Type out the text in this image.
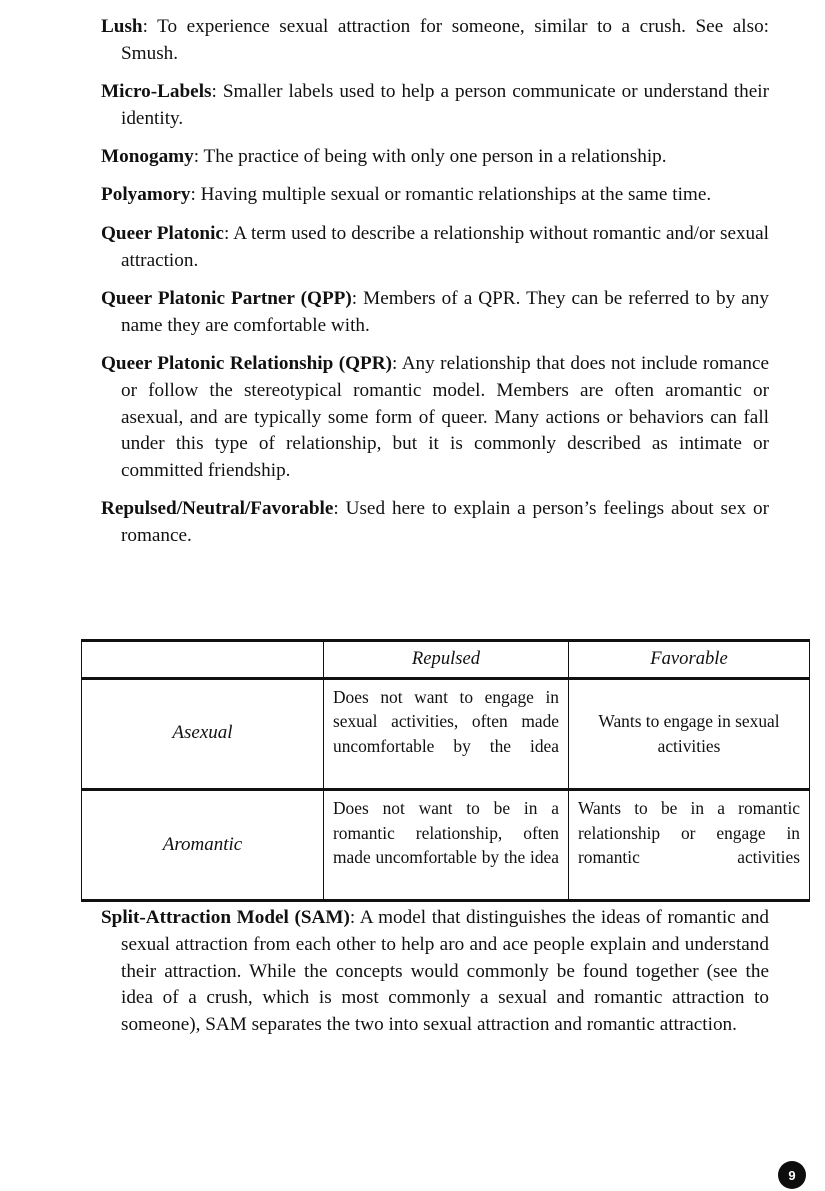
Lush: To experience sexual attraction for someone, similar to a crush. See also: Smush.

Micro-Labels: Smaller labels used to help a person communicate or understand their identity.

Monogamy: The practice of being with only one person in a relationship.

Polyamory: Having multiple sexual or romantic relationships at the same time.

Queer Platonic: A term used to describe a relationship without romantic and/or sexual attraction.

Queer Platonic Partner (QPP): Members of a QPR. They can be referred to by any name they are comfortable with.

Queer Platonic Relationship (QPR): Any relationship that does not include romance or follow the stereotypical romantic model. Members are often aromantic or asexual, and are typically some form of queer. Many actions or behaviors can fall under this type of relationship, but it is commonly described as intimate or committed friendship.

Repulsed/Neutral/Favorable: Used here to explain a person’s feelings about sex or romance.

	Repulsed	Favorable
Asexual	Does not want to engage in sexual activities, often made uncomfortable by the idea	Wants to engage in sexual activities
Aromantic	Does not want to be in a romantic relationship, often made uncomfortable by the idea	Wants to be in a romantic relationship or engage in romantic activities

Split-Attraction Model (SAM): A model that distinguishes the ideas of romantic and sexual attraction from each other to help aro and ace people explain and understand their attraction. While the concepts would commonly be found together (see the idea of a crush, which is most commonly a sexual and romantic attraction to someone), SAM separates the two into sexual attraction and romantic attraction.

9
